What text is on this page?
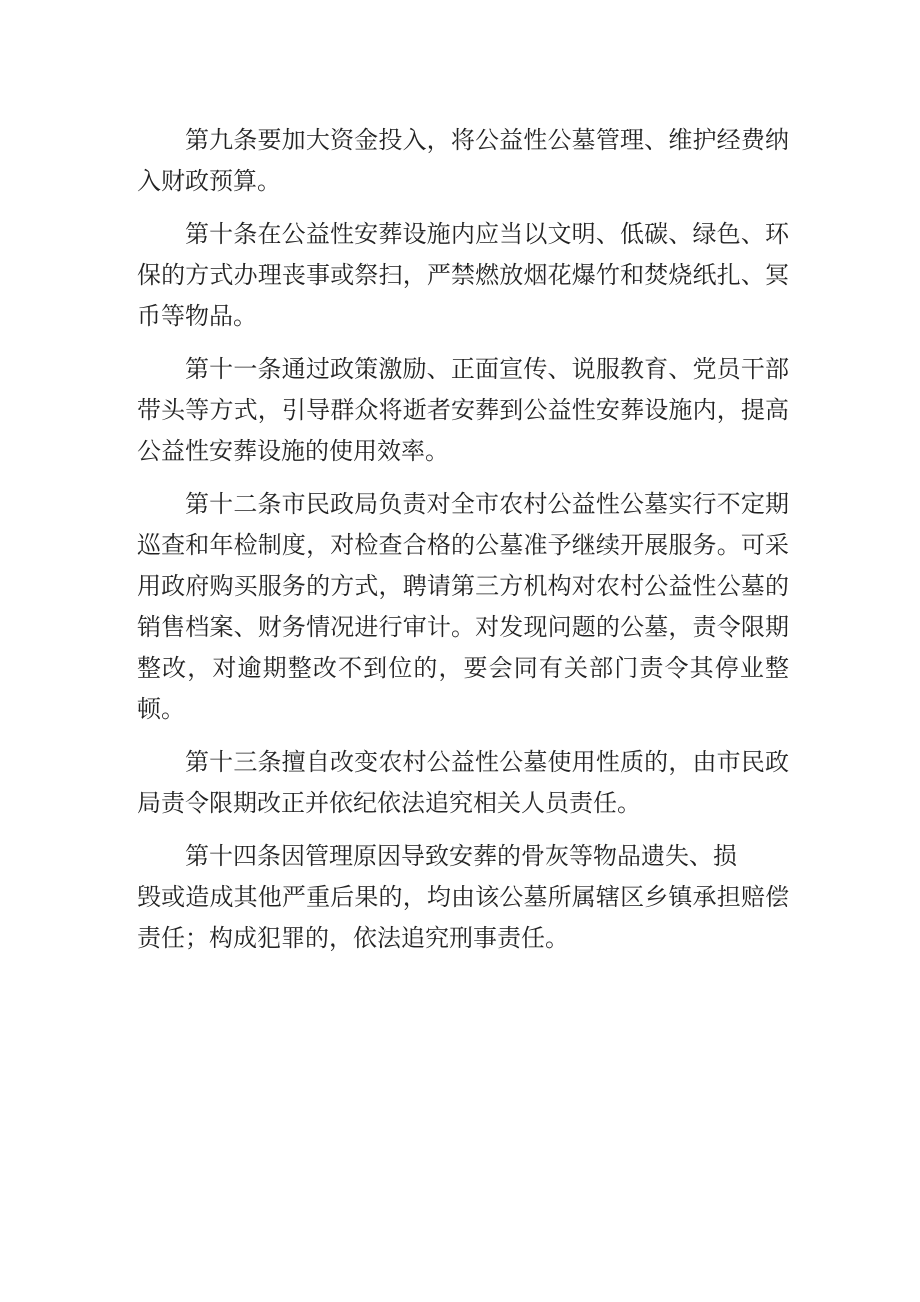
第九条要加大资金投入，将公益性公墓管理、维护经费纳入财政预算。

第十条在公益性安葬设施内应当以文明、低碳、绿色、环保的方式办理丧事或祭扫，严禁燃放烟花爆竹和焚烧纸扎、冥币等物品。

第十一条通过政策激励、正面宣传、说服教育、党员干部带头等方式，引导群众将逝者安葬到公益性安葬设施内，提高公益性安葬设施的使用效率。

第十二条市民政局负责对全市农村公益性公墓实行不定期巡查和年检制度，对检查合格的公墓准予继续开展服务。可采用政府购买服务的方式，聘请第三方机构对农村公益性公墓的销售档案、财务情况进行审计。对发现问题的公墓，责令限期整改，对逾期整改不到位的，要会同有关部门责令其停业整顿。

第十三条擅自改变农村公益性公墓使用性质的，由市民政局责令限期改正并依纪依法追究相关人员责任。

第十四条因管理原因导致安葬的骨灰等物品遗失、损
毁或造成其他严重后果的，均由该公墓所属辖区乡镇承担赔偿责任；构成犯罪的，依法追究刑事责任。
